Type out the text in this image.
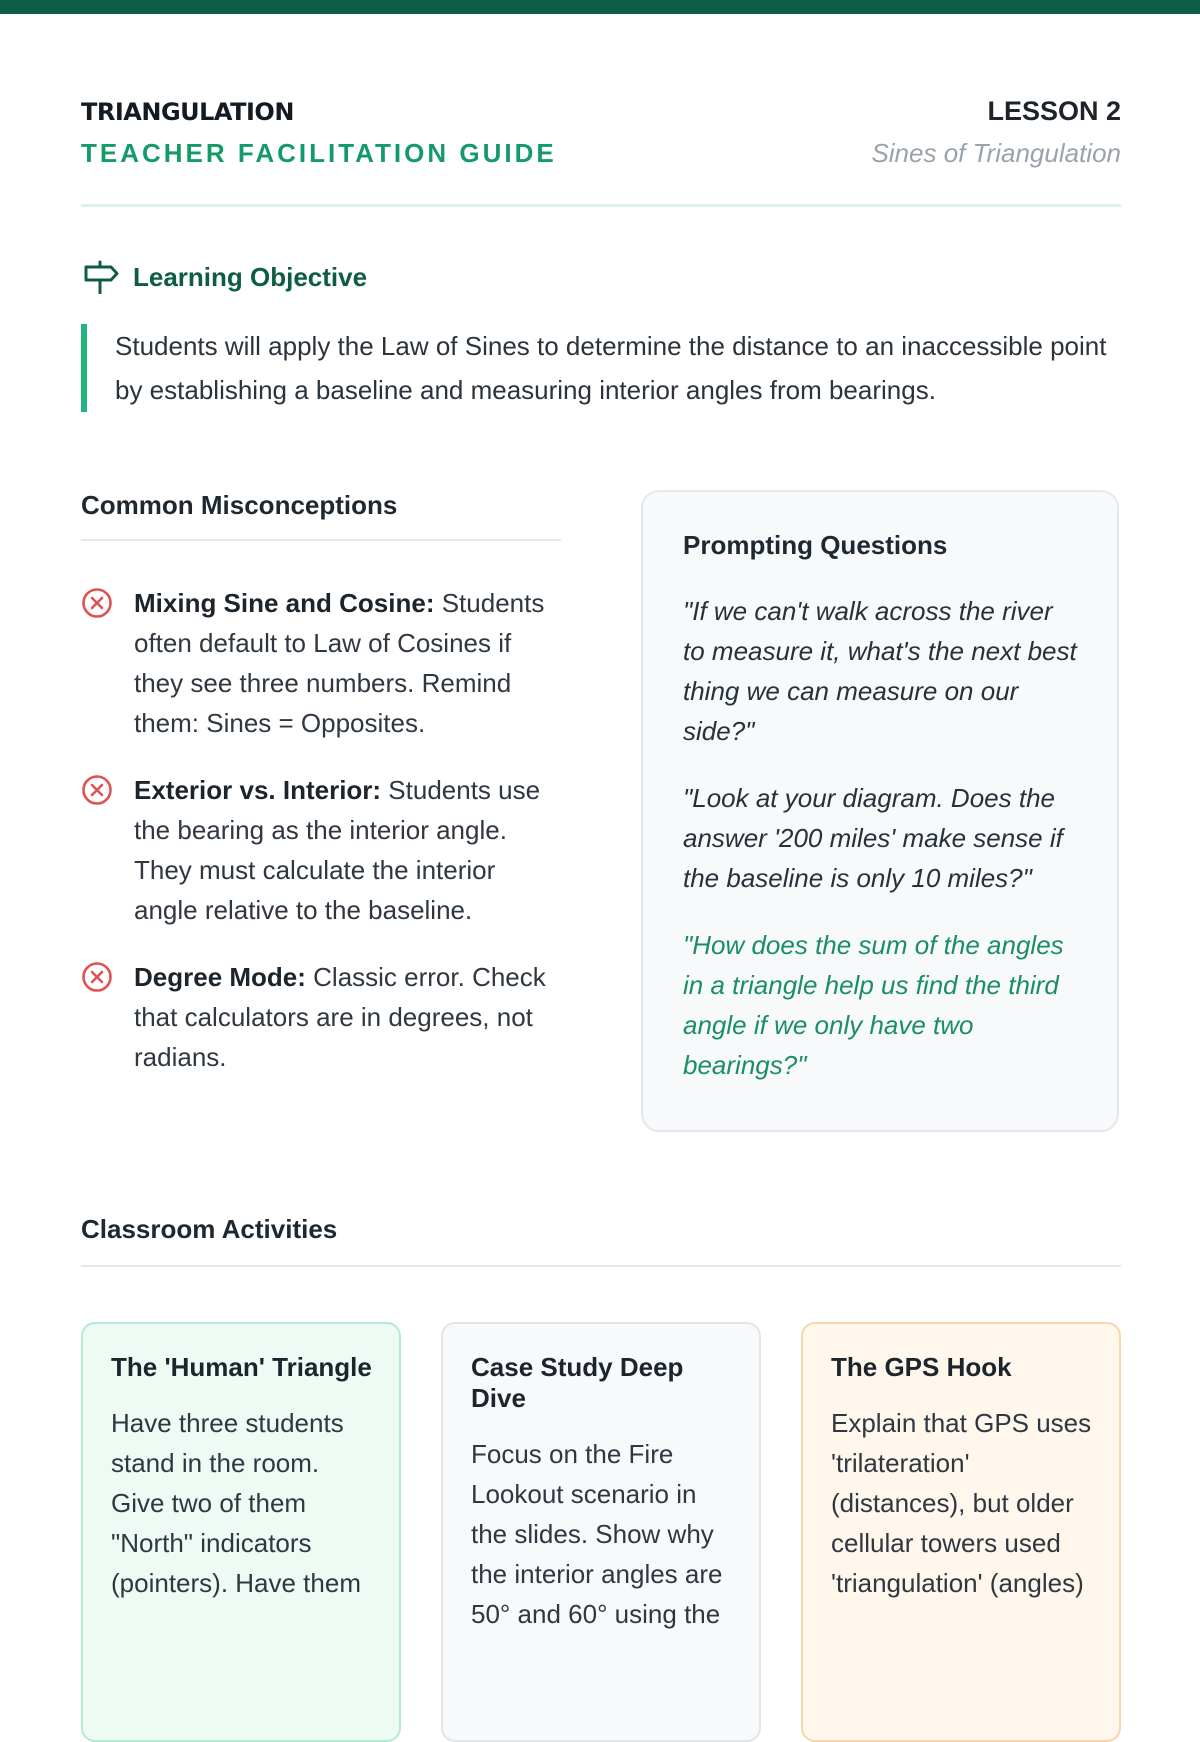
TRIANGULATION
TEACHER FACILITATION GUIDE
LESSON 2
Sines of Triangulation
Learning Objective
Students will apply the Law of Sines to determine the distance to an inaccessible point by establishing a baseline and measuring interior angles from bearings.
Common Misconceptions
Mixing Sine and Cosine: Students often default to Law of Cosines if they see three numbers. Remind them: Sines = Opposites.
Exterior vs. Interior: Students use the bearing as the interior angle. They must calculate the interior angle relative to the baseline.
Degree Mode: Classic error. Check that calculators are in degrees, not radians.
Prompting Questions
"If we can't walk across the river to measure it, what's the next best thing we can measure on our side?"
"Look at your diagram. Does the answer '200 miles' make sense if the baseline is only 10 miles?"
"How does the sum of the angles in a triangle help us find the third angle if we only have two bearings?"
Classroom Activities
The 'Human' Triangle
Have three students stand in the room. Give two of them "North" indicators (pointers). Have them
Case Study Deep Dive
Focus on the Fire Lookout scenario in the slides. Show why the interior angles are 50° and 60° using the
The GPS Hook
Explain that GPS uses 'trilateration' (distances), but older cellular towers used 'triangulation' (angles)
